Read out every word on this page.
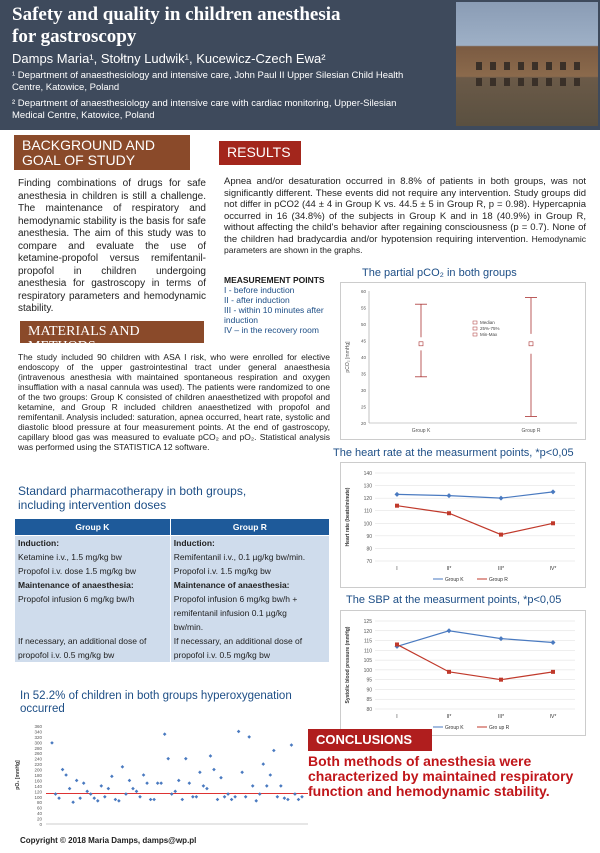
Safety and quality in children anesthesia
for gastroscopy
Damps Maria¹, Stołtny Ludwik¹, Kucewicz-Czech Ewa²
¹ Department of anaesthesiology and intensive care, John Paul II Upper Silesian Child Health
Centre, Katowice, Poland
² Department of anaesthesiology and intensive care with cardiac monitoring, Upper-Silesian
Medical Centre, Katowice, Poland
BACKGROUND AND
GOAL OF STUDY
Finding combinations of drugs for safe anesthesia in children is still a challenge. The maintenance of respiratory and hemodynamic stability is the basis for safe anesthesia. The aim of this study was to compare and evaluate the use of ketamine-propofol versus remifentanil-propofol in children undergoing anesthesia for gastroscopy in terms of respiratory parameters and hemodynamic stability.
MATERIALS AND METHODS
The study included 90 children with ASA I risk, who were enrolled for elective endoscopy of the upper gastrointestinal tract under general anaesthesia (intravenous anesthesia with maintained spontaneous respiration and oxygen insufflation with a nasal cannula was used). The patients were randomized to one of the two groups: Group K consisted of children anaesthetized with propofol and ketamine, and Group R included children anaesthetized with propofol and remifentanil. Analysis included: saturation, apnea occurred, heart rate, systolic and diastolic blood pressure at four measurement points. At the end of gastroscopy, capillary blood gas was measured to evaluate pCO₂ and pO₂. Statistical analysis was performed using the STATISTICA 12 software.
Standard pharmacotherapy in both groups,
including intervention doses
Group K	Group R
Induction:	Induction:
Ketamine i.v., 1.5 mg/kg bw	Remifentanil i.v., 0.1 µg/kg bw/min.
Propofol i.v. dose 1.5 mg/kg bw	Propofol i.v. 1.5 mg/kg bw
Maintenance of anaesthesia:	Maintenance of anaesthesia:
Propofol infusion 6 mg/kg bw/h	Propofol infusion 6 mg/kg bw/h +
	remifentanil infusion 0.1 µg/kg
	bw/min.
If necessary, an additional dose of	If necessary, an additional dose of
propofol i.v. 0.5 mg/kg bw	propofol i.v. 0.5 mg/kg bw
In 52.2% of children in both groups hyperoxygenation
occurred
0
20
40
60
80
100
120
140
160
180
200
220
240
260
280
300
320
340
360
pO₂ [mmHg]
RESULTS
Apnea and/or desaturation occurred in 8.8% of patients in both groups, was not significantly different. These events did not require any intervention. Study groups did not differ in pCO2 (44 ± 4 in Group K vs. 44.5 ± 5 in Group R, p = 0.98). Hypercapnia occurred in 16 (34.8%) of the subjects in Group K and in 18 (40.9%) in Group R, without affecting the child's behavior after regaining consciousness (p = 0.7). None of the children had bradycardia and/or hypotension requiring intervention. Hemodynamic parameters are shown in the graphs.
MEASUREMENT POINTS
I - before induction
II - after induction
III - within 10 minutes after induction
IV – in the recovery room
The partial pCO₂ in both groups
20
25
30
35
40
45
50
55
60
pCO₂ [mmHg]
Group K	Group R
Median
25%-75%
Min-Max
The heart rate at the measurment points, *p<0,05
70
80
90
100
110
120
130
140
Heart rate (beats/minute)
I	II*	III*	IV*
Group K	Group R
The SBP at the measurment points, *p<0,05
80
85
90
95
100
105
110
115
120
125
Systolic blood pressure (mmHg)
I	II*	III*	IV*
Group K	Gro up R
CONCLUSIONS
Both methods of anesthesia were characterized by maintained respiratory function and hemodynamic stability.
Copyright © 2018 Maria Damps, damps@wp.pl
